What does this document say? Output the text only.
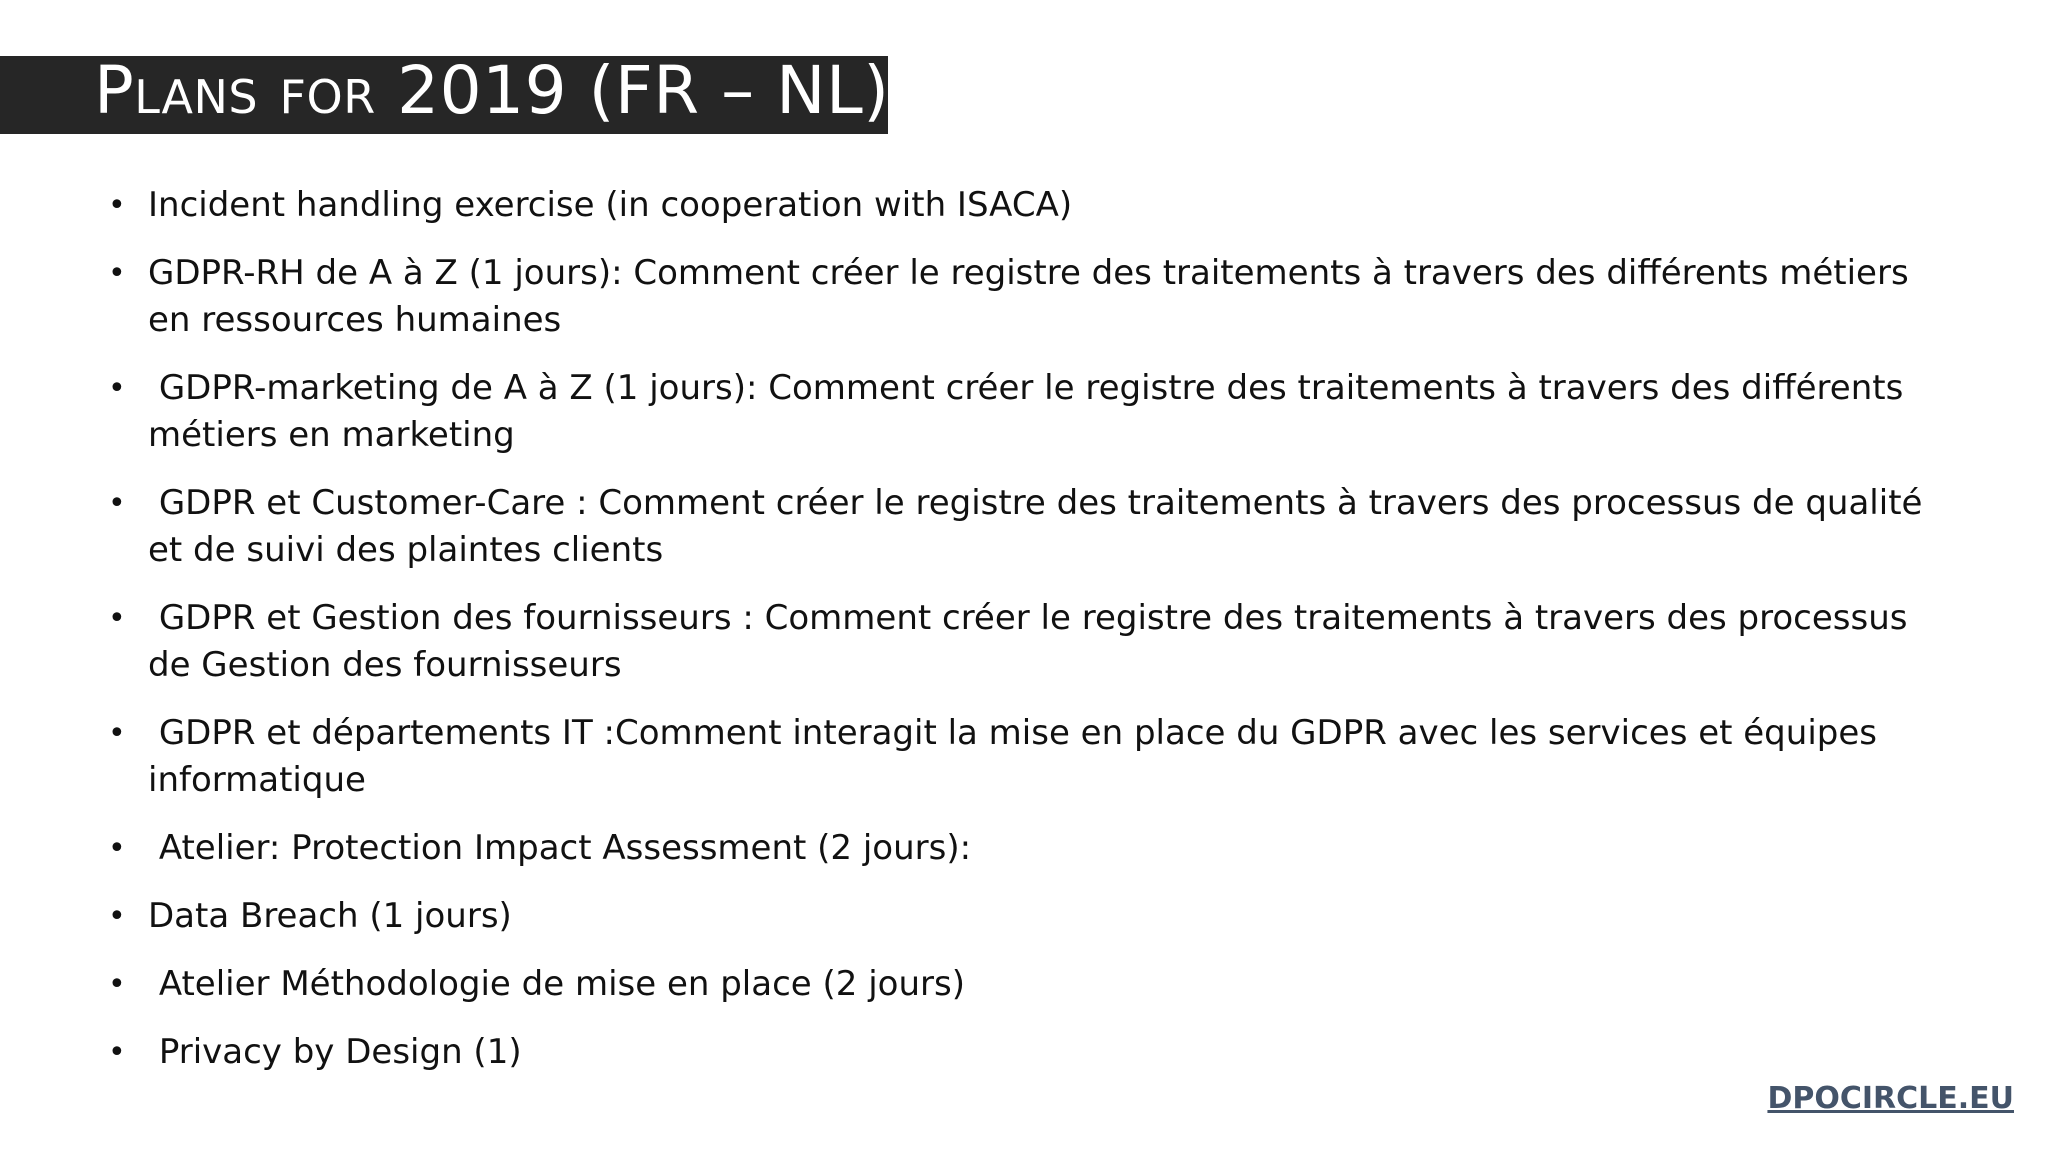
Plans for 2019 (FR – NL)
• Incident handling exercise (in cooperation with ISACA)
• GDPR-RH de A à Z (1 jours): Comment créer le registre des traitements à travers des différents métiers en ressources humaines
• GDPR-marketing de A à Z (1 jours): Comment créer le registre des traitements à travers des différents métiers en marketing
• GDPR et Customer-Care : Comment créer le registre des traitements à travers des processus de qualité et de suivi des plaintes clients
• GDPR et Gestion des fournisseurs : Comment créer le registre des traitements à travers des processus de Gestion des fournisseurs
• GDPR et départements IT :Comment interagit la mise en place du GDPR avec les services et équipes informatique
• Atelier: Protection Impact Assessment (2 jours):
• Data Breach (1 jours)
• Atelier Méthodologie de mise en place (2 jours)
• Privacy by Design (1)
DPOCIRCLE.EU
